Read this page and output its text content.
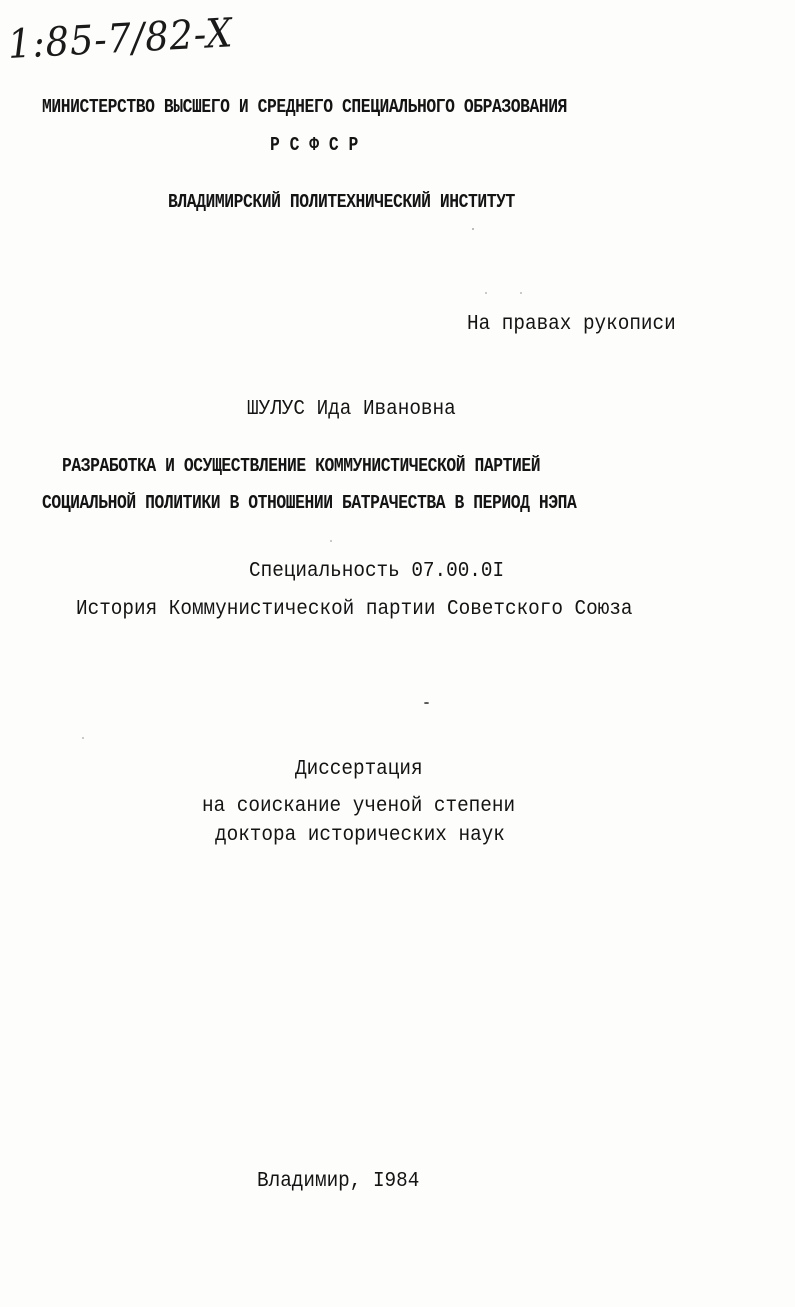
1:85-7/82-X
МИНИСТЕРСТВО ВЫСШЕГО И СРЕДНЕГО СПЕЦИАЛЬНОГО ОБРАЗОВАНИЯ
Р С Ф С Р
ВЛАДИМИРСКИЙ ПОЛИТЕХНИЧЕСКИЙ ИНСТИТУТ
На правах рукописи
ШУЛУС Ида Ивановна
РАЗРАБОТКА И ОСУЩЕСТВЛЕНИЕ КОММУНИСТИЧЕСКОЙ ПАРТИЕЙ
СОЦИАЛЬНОЙ ПОЛИТИКИ В ОТНОШЕНИИ БАТРАЧЕСТВА В ПЕРИОД НЭПА
Специальность 07.00.0I
История Коммунистической партии Советского Союза
Диссертация
на соискание ученой степени
доктора исторических наук
Владимир, I984
